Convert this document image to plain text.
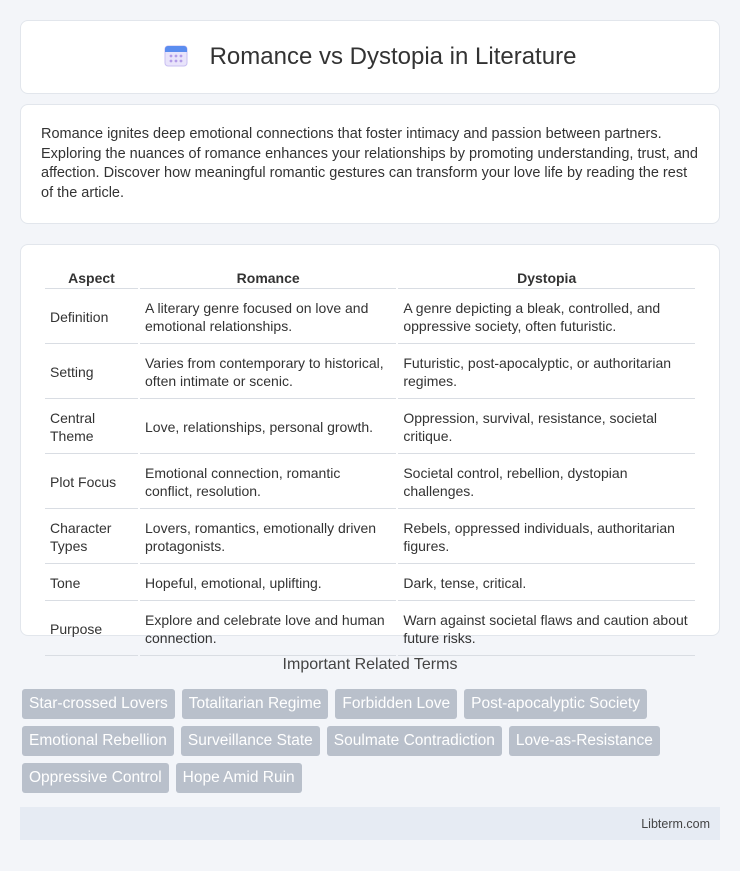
Romance vs Dystopia in Literature

Romance ignites deep emotional connections that foster intimacy and passion between partners. Exploring the nuances of romance enhances your relationships by promoting understanding, trust, and affection. Discover how meaningful romantic gestures can transform your love life by reading the rest of the article.

Aspect	Romance	Dystopia
Definition	A literary genre focused on love and emotional relationships.	A genre depicting a bleak, controlled, and oppressive society, often futuristic.
Setting	Varies from contemporary to historical, often intimate or scenic.	Futuristic, post-apocalyptic, or authoritarian regimes.
Central Theme	Love, relationships, personal growth.	Oppression, survival, resistance, societal critique.
Plot Focus	Emotional connection, romantic conflict, resolution.	Societal control, rebellion, dystopian challenges.
Character Types	Lovers, romantics, emotionally driven protagonists.	Rebels, oppressed individuals, authoritarian figures.
Tone	Hopeful, emotional, uplifting.	Dark, tense, critical.
Purpose	Explore and celebrate love and human connection.	Warn against societal flaws and caution about future risks.
Important Related Terms
Star-crossed Lovers	Totalitarian Regime	Forbidden Love	Post-apocalyptic Society
Emotional Rebellion	Surveillance State	Soulmate Contradiction	Love-as-Resistance
Oppressive Control	Hope Amid Ruin
Libterm.com
